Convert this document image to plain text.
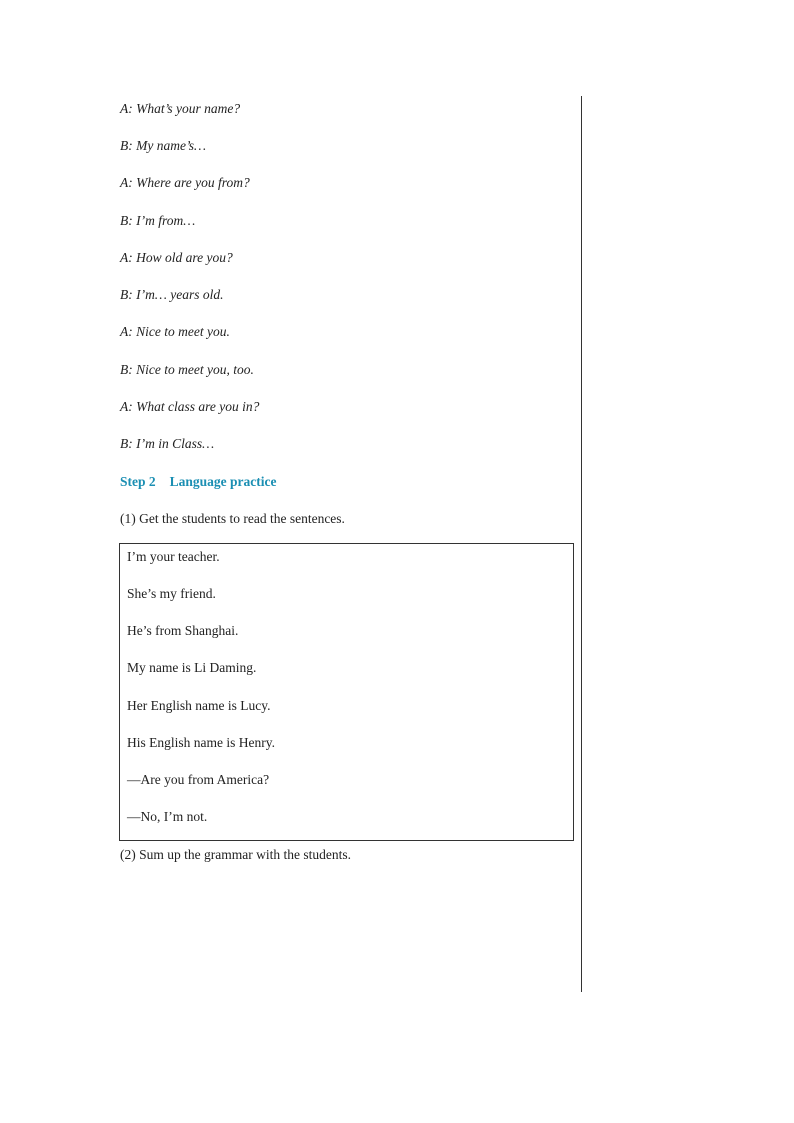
A: What’s your name?
B: My name’s…
A: Where are you from?
B: I’m from…
A: How old are you?
B: I’m… years old.
A: Nice to meet you.
B: Nice to meet you, too.
A: What class are you in?
B: I’m in Class…
Step 2 Language practice
(1) Get the students to read the sentences.
I’m your teacher.
She’s my friend.
He’s from Shanghai.
My name is Li Daming.
Her English name is Lucy.
His English name is Henry.
—Are you from America?
—No, I’m not.
(2) Sum up the grammar with the students.
